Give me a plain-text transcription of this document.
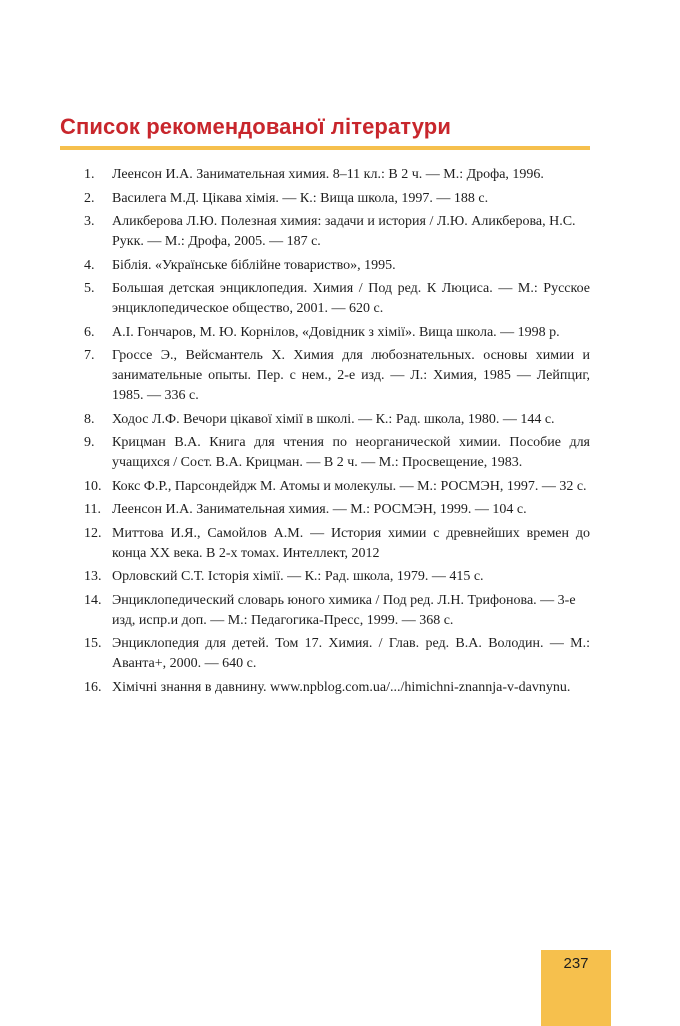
Список рекомендованої літератури
1. Леенсон И.А. Занимательная химия. 8–11 кл.: В 2 ч. — М.: Дрофа, 1996.
2. Василега М.Д. Цікава хімія. — К.: Вища школа, 1997. — 188 с.
3. Аликберова Л.Ю. Полезная химия: задачи и история / Л.Ю. Аликберова, Н.С. Рукк. — М.: Дрофа, 2005. — 187 с.
4. Біблія. «Українське біблійне товариство», 1995.
5. Большая детская энциклопедия. Химия / Под ред. К Люциса. — М.: Русское энциклопедическое общество, 2001. — 620 с.
6. А.І. Гончаров, М. Ю. Корнілов, «Довідник з хімії». Вища школа. — 1998 р.
7. Гроссе Э., Вейсмантель Х. Химия для любознательных. основы химии и занимательные опыты. Пер. с нем., 2-е изд. — Л.: Химия, 1985 — Лейпциг, 1985. — 336 с.
8. Ходос Л.Ф. Вечори цікавої хімії в школі. — К.: Рад. школа, 1980. — 144 с.
9. Крицман В.А. Книга для чтения по неорганической химии. Пособие для учащихся / Сост. В.А. Крицман. — В 2 ч. — М.: Просвещение, 1983.
10. Кокс Ф.Р., Парсондейдж М. Атомы и молекулы. — М.: РОСМЭН, 1997. — 32 с.
11. Леенсон И.А. Занимательная химия. — М.: РОСМЭН, 1999. — 104 с.
12. Миттова И.Я., Самойлов А.М. — История химии с древнейших времен до конца XX века. В 2-х томах. Интеллект, 2012
13. Орловский С.Т. Історія хімії. — К.: Рад. школа, 1979. — 415 с.
14. Энциклопедический словарь юного химика / Под ред. Л.Н. Трифонова. — 3-е изд, испр.и доп. — М.: Педагогика-Пресс, 1999. — 368 с.
15. Энциклопедия для детей. Том 17. Химия. / Глав. ред. В.А. Володин. — М.: Аванта+, 2000. — 640 с.
16. Хімічні знання в давнину. www.npblog.com.ua/.../himichni-znannja-v-davnynu.
237
